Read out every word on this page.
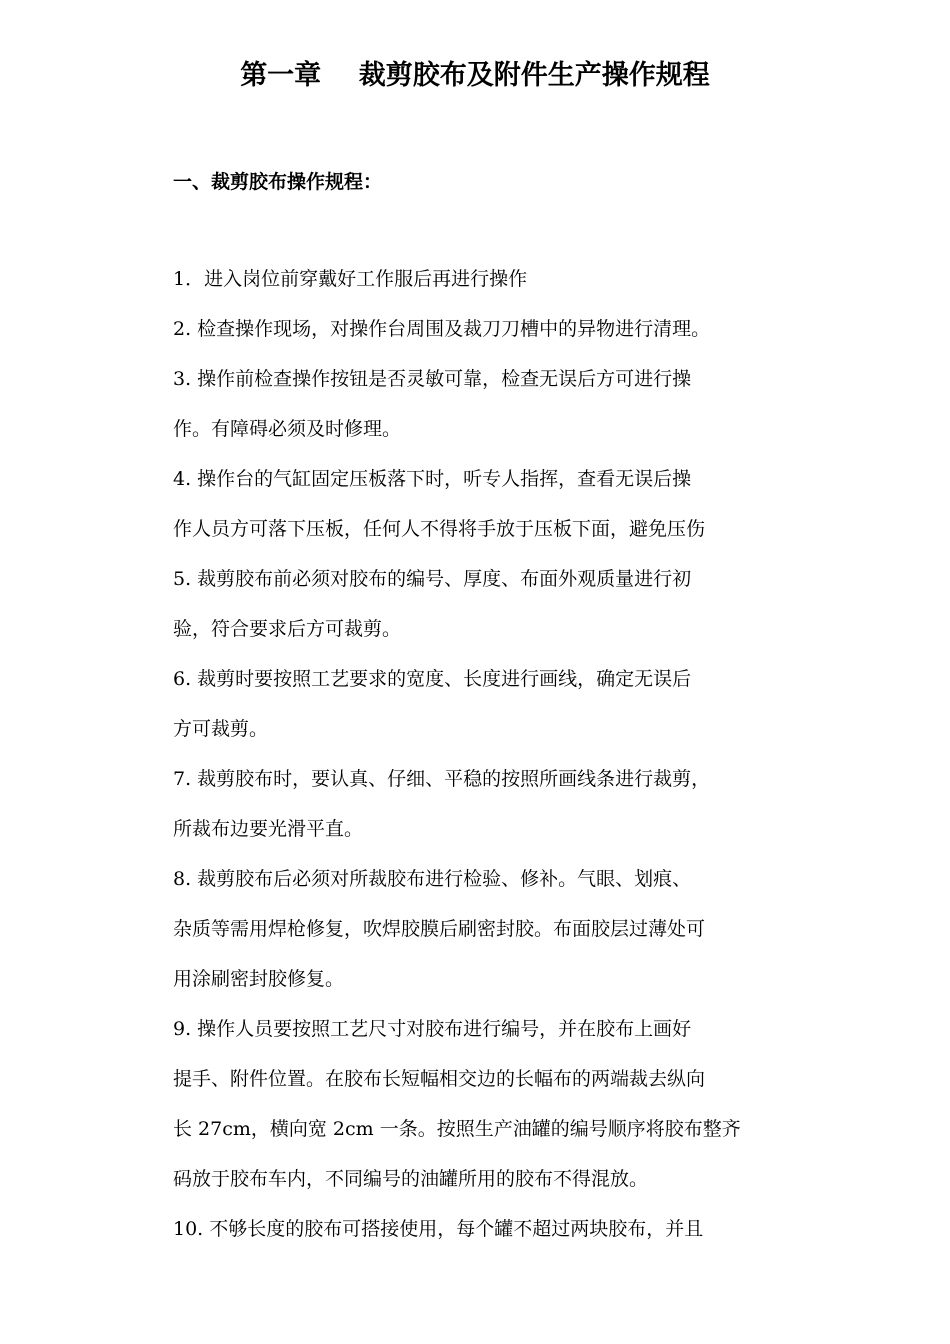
第一章    裁剪胶布及附件生产操作规程
一、裁剪胶布操作规程：
1．进入岗位前穿戴好工作服后再进行操作
2. 检查操作现场，对操作台周围及裁刀刀槽中的异物进行清理。
3. 操作前检查操作按钮是否灵敏可靠，检查无误后方可进行操
作。有障碍必须及时修理。
4. 操作台的气缸固定压板落下时，听专人指挥，查看无误后操
作人员方可落下压板，任何人不得将手放于压板下面，避免压伤
5. 裁剪胶布前必须对胶布的编号、厚度、布面外观质量进行初
验，符合要求后方可裁剪。
6. 裁剪时要按照工艺要求的宽度、长度进行画线，确定无误后
方可裁剪。
7. 裁剪胶布时，要认真、仔细、平稳的按照所画线条进行裁剪，
所裁布边要光滑平直。
8. 裁剪胶布后必须对所裁胶布进行检验、修补。气眼、划痕、
杂质等需用焊枪修复，吹焊胶膜后刷密封胶。布面胶层过薄处可
用涂刷密封胶修复。
9. 操作人员要按照工艺尺寸对胶布进行编号，并在胶布上画好
提手、附件位置。在胶布长短幅相交边的长幅布的两端裁去纵向
长 27cm，横向宽 2cm 一条。按照生产油罐的编号顺序将胶布整齐
码放于胶布车内，不同编号的油罐所用的胶布不得混放。
10. 不够长度的胶布可搭接使用，每个罐不超过两块胶布，并且
